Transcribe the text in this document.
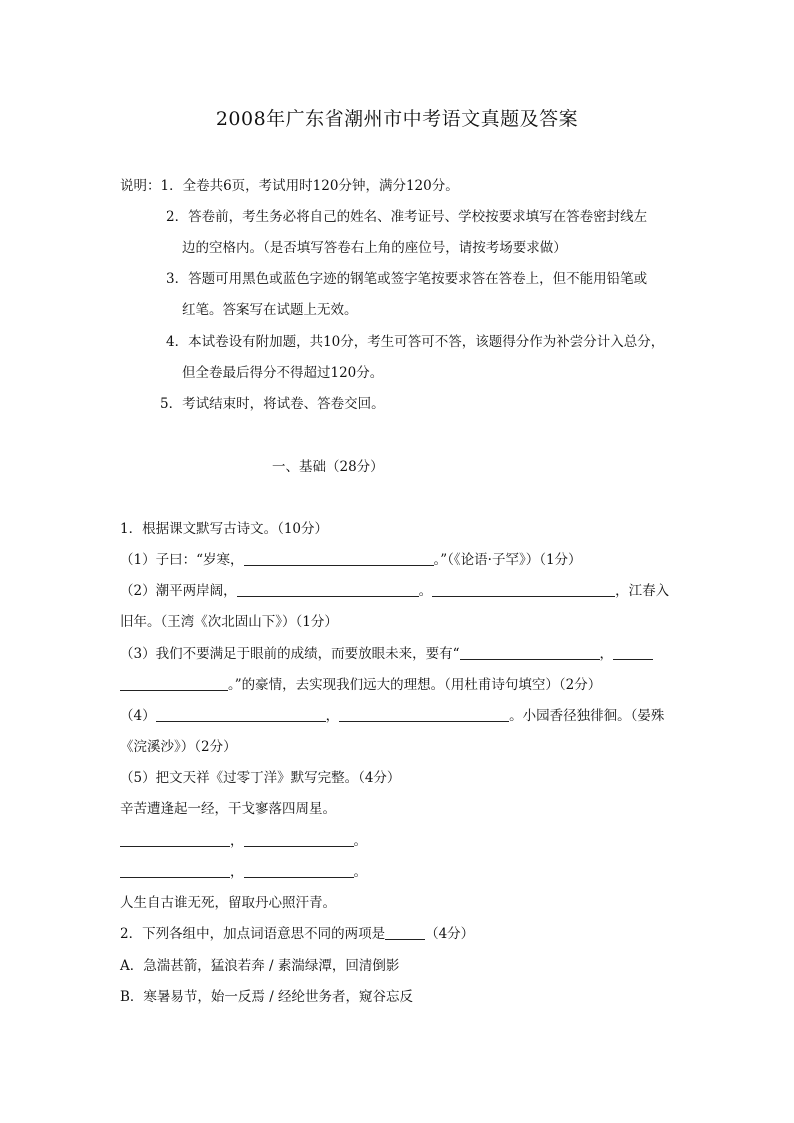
2008年广东省潮州市中考语文真题及答案
说明：1．全卷共6页，考试用时120分钟，满分120分。
2．答卷前，考生务必将自己的姓名、准考证号、学校按要求填写在答卷密封线左
边的空格内。（是否填写答卷右上角的座位号，请按考场要求做）
3．答题可用黑色或蓝色字迹的钢笔或签字笔按要求答在答卷上，但不能用铅笔或
红笔。答案写在试题上无效。
4．本试卷设有附加题，共10分，考生可答可不答，该题得分作为补尝分计入总分，
但全卷最后得分不得超过120分。
5．考试结束时，将试卷、答卷交回。
一、基础（28分）
1．根据课文默写古诗文。（10分）
（1）子曰：“岁寒，	。”（《论语·子罕》）（1分）
（2）潮平两岸阔，	。	，江春入
旧年。（王湾《次北固山下》）（1分）
（3）我们不要满足于眼前的成绩，而要放眼未来，要有“	，
。”的豪情，去实现我们远大的理想。（用杜甫诗句填空）（2分）
（4）	，	。小园香径独徘徊。（晏殊
《浣溪沙》）（2分）
（5）把文天祥《过零丁洋》默写完整。（4分）
辛苦遭逢起一经，干戈寥落四周星。
，	。
，	。
人生自古谁无死，留取丹心照汗青。
2．下列各组中，加点词语意思不同的两项是	（4分）
A．急湍甚箭，猛浪若奔 / 素湍绿潭，回清倒影
B．寒暑易节，始一反焉 / 经纶世务者，窥谷忘反
